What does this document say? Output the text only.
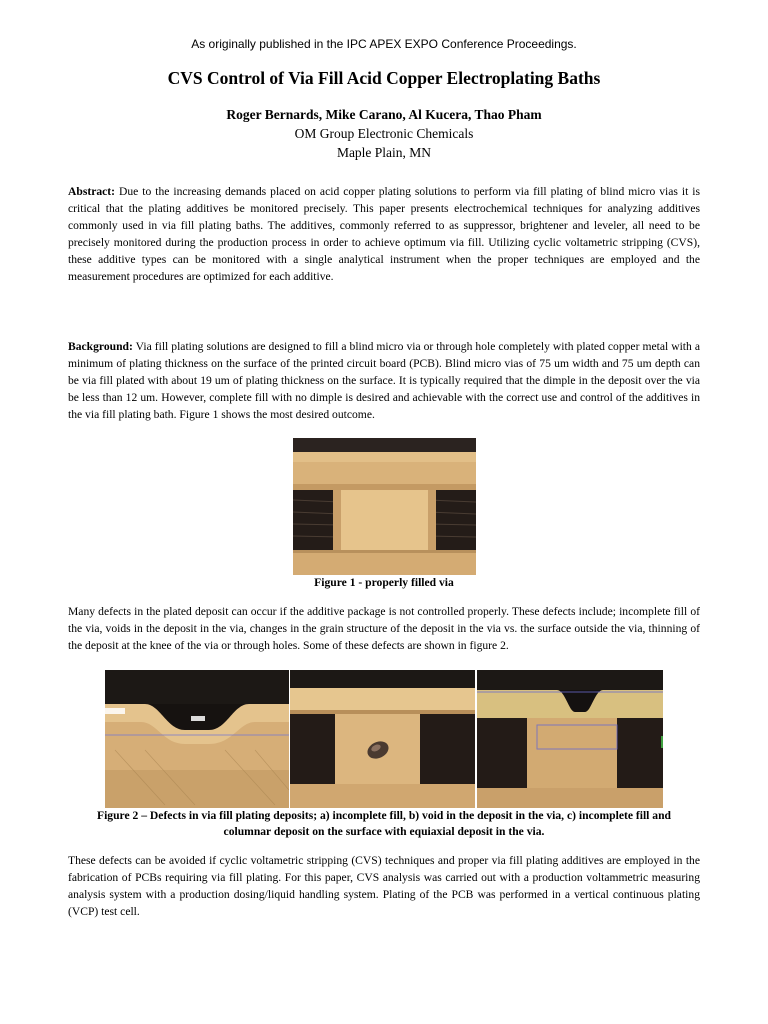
As originally published in the IPC APEX EXPO Conference Proceedings.
CVS Control of Via Fill Acid Copper Electroplating Baths
Roger Bernards, Mike Carano, Al Kucera, Thao Pham
OM Group Electronic Chemicals
Maple Plain, MN

Abstract: Due to the increasing demands placed on acid copper plating solutions to perform via fill plating of blind micro vias it is critical that the plating additives be monitored precisely. This paper presents electrochemical techniques for analyzing additives commonly used in via fill plating baths. The additives, commonly referred to as suppressor, brightener and leveler, all need to be precisely monitored during the production process in order to achieve optimum via fill. Utilizing cyclic voltametric stripping (CVS), these additive types can be monitored with a single analytical instrument when the proper techniques are employed and the measurement procedures are optimized for each additive.

Background: Via fill plating solutions are designed to fill a blind micro via or through hole completely with plated copper metal with a minimum of plating thickness on the surface of the printed circuit board (PCB). Blind micro vias of 75 um width and 75 um depth can be via fill plated with about 19 um of plating thickness on the surface. It is typically required that the dimple in the deposit over the via be less than 12 um. However, complete fill with no dimple is desired and achievable with the correct use and control of the additives in the via fill plating bath. Figure 1 shows the most desired outcome.

Figure 1 - properly filled via

Many defects in the plated deposit can occur if the additive package is not controlled properly. These defects include; incomplete fill of the via, voids in the deposit in the via, changes in the grain structure of the deposit in the via vs. the surface outside the via, thinning of the deposit at the knee of the via or through holes. Some of these defects are shown in figure 2.

Figure 2 – Defects in via fill plating deposits; a) incomplete fill, b) void in the deposit in the via, c) incomplete fill and
columnar deposit on the surface with equiaxial deposit in the via.

These defects can be avoided if cyclic voltametric stripping (CVS) techniques and proper via fill plating additives are employed in the fabrication of PCBs requiring via fill plating. For this paper, CVS analysis was carried out with a production voltammetric measuring analysis system with a production dosing/liquid handling system. Plating of the PCB was performed in a vertical continuous plating (VCP) test cell.
